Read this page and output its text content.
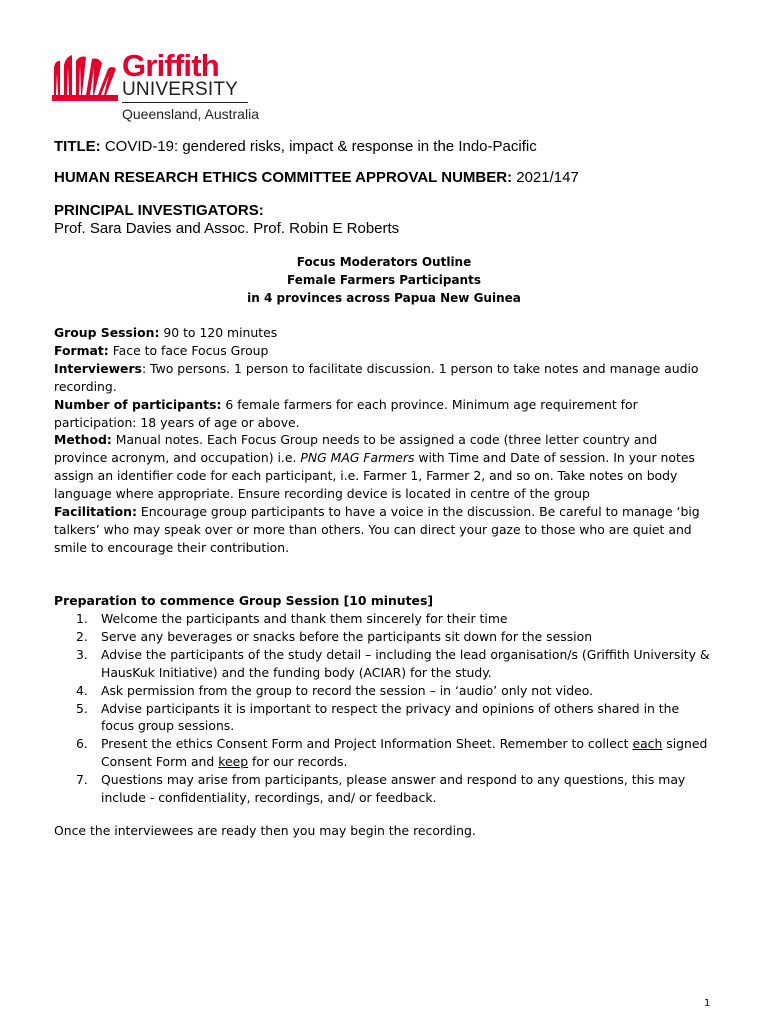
Griffith
UNIVERSITY
Queensland, Australia
TITLE: COVID-19: gendered risks, impact & response in the Indo-Pacific
HUMAN RESEARCH ETHICS COMMITTEE APPROVAL NUMBER: 2021/147
PRINCIPAL INVESTIGATORS:
Prof. Sara Davies and Assoc. Prof. Robin E Roberts
Focus Moderators Outline
Female Farmers Participants
in 4 provinces across Papua New Guinea

Group Session: 90 to 120 minutes

Format: Face to face Focus Group

Interviewers: Two persons. 1 person to facilitate discussion. 1 person to take notes and manage audio recording.

Number of participants: 6 female farmers for each province. Minimum age requirement for participation: 18 years of age or above.

Method: Manual notes. Each Focus Group needs to be assigned a code (three letter country and province acronym, and occupation) i.e. PNG MAG Farmers with Time and Date of session. In your notes assign an identifier code for each participant, i.e. Farmer 1, Farmer 2, and so on. Take notes on body language where appropriate. Ensure recording device is located in centre of the group

Facilitation: Encourage group participants to have a voice in the discussion. Be careful to manage ‘big talkers’ who may speak over or more than others. You can direct your gaze to those who are quiet and smile to encourage their contribution.

Preparation to commence Group Session [10 minutes]
1. Welcome the participants and thank them sincerely for their time
2. Serve any beverages or snacks before the participants sit down for the session
3. Advise the participants of the study detail – including the lead organisation/s (Griffith University & HausKuk Initiative) and the funding body (ACIAR) for the study.
4. Ask permission from the group to record the session – in ‘audio’ only not video.
5. Advise participants it is important to respect the privacy and opinions of others shared in the focus group sessions.
6. Present the ethics Consent Form and Project Information Sheet. Remember to collect each signed Consent Form and keep for our records.
7. Questions may arise from participants, please answer and respond to any questions, this may include - confidentiality, recordings, and/ or feedback.
Once the interviewees are ready then you may begin the recording.
1
